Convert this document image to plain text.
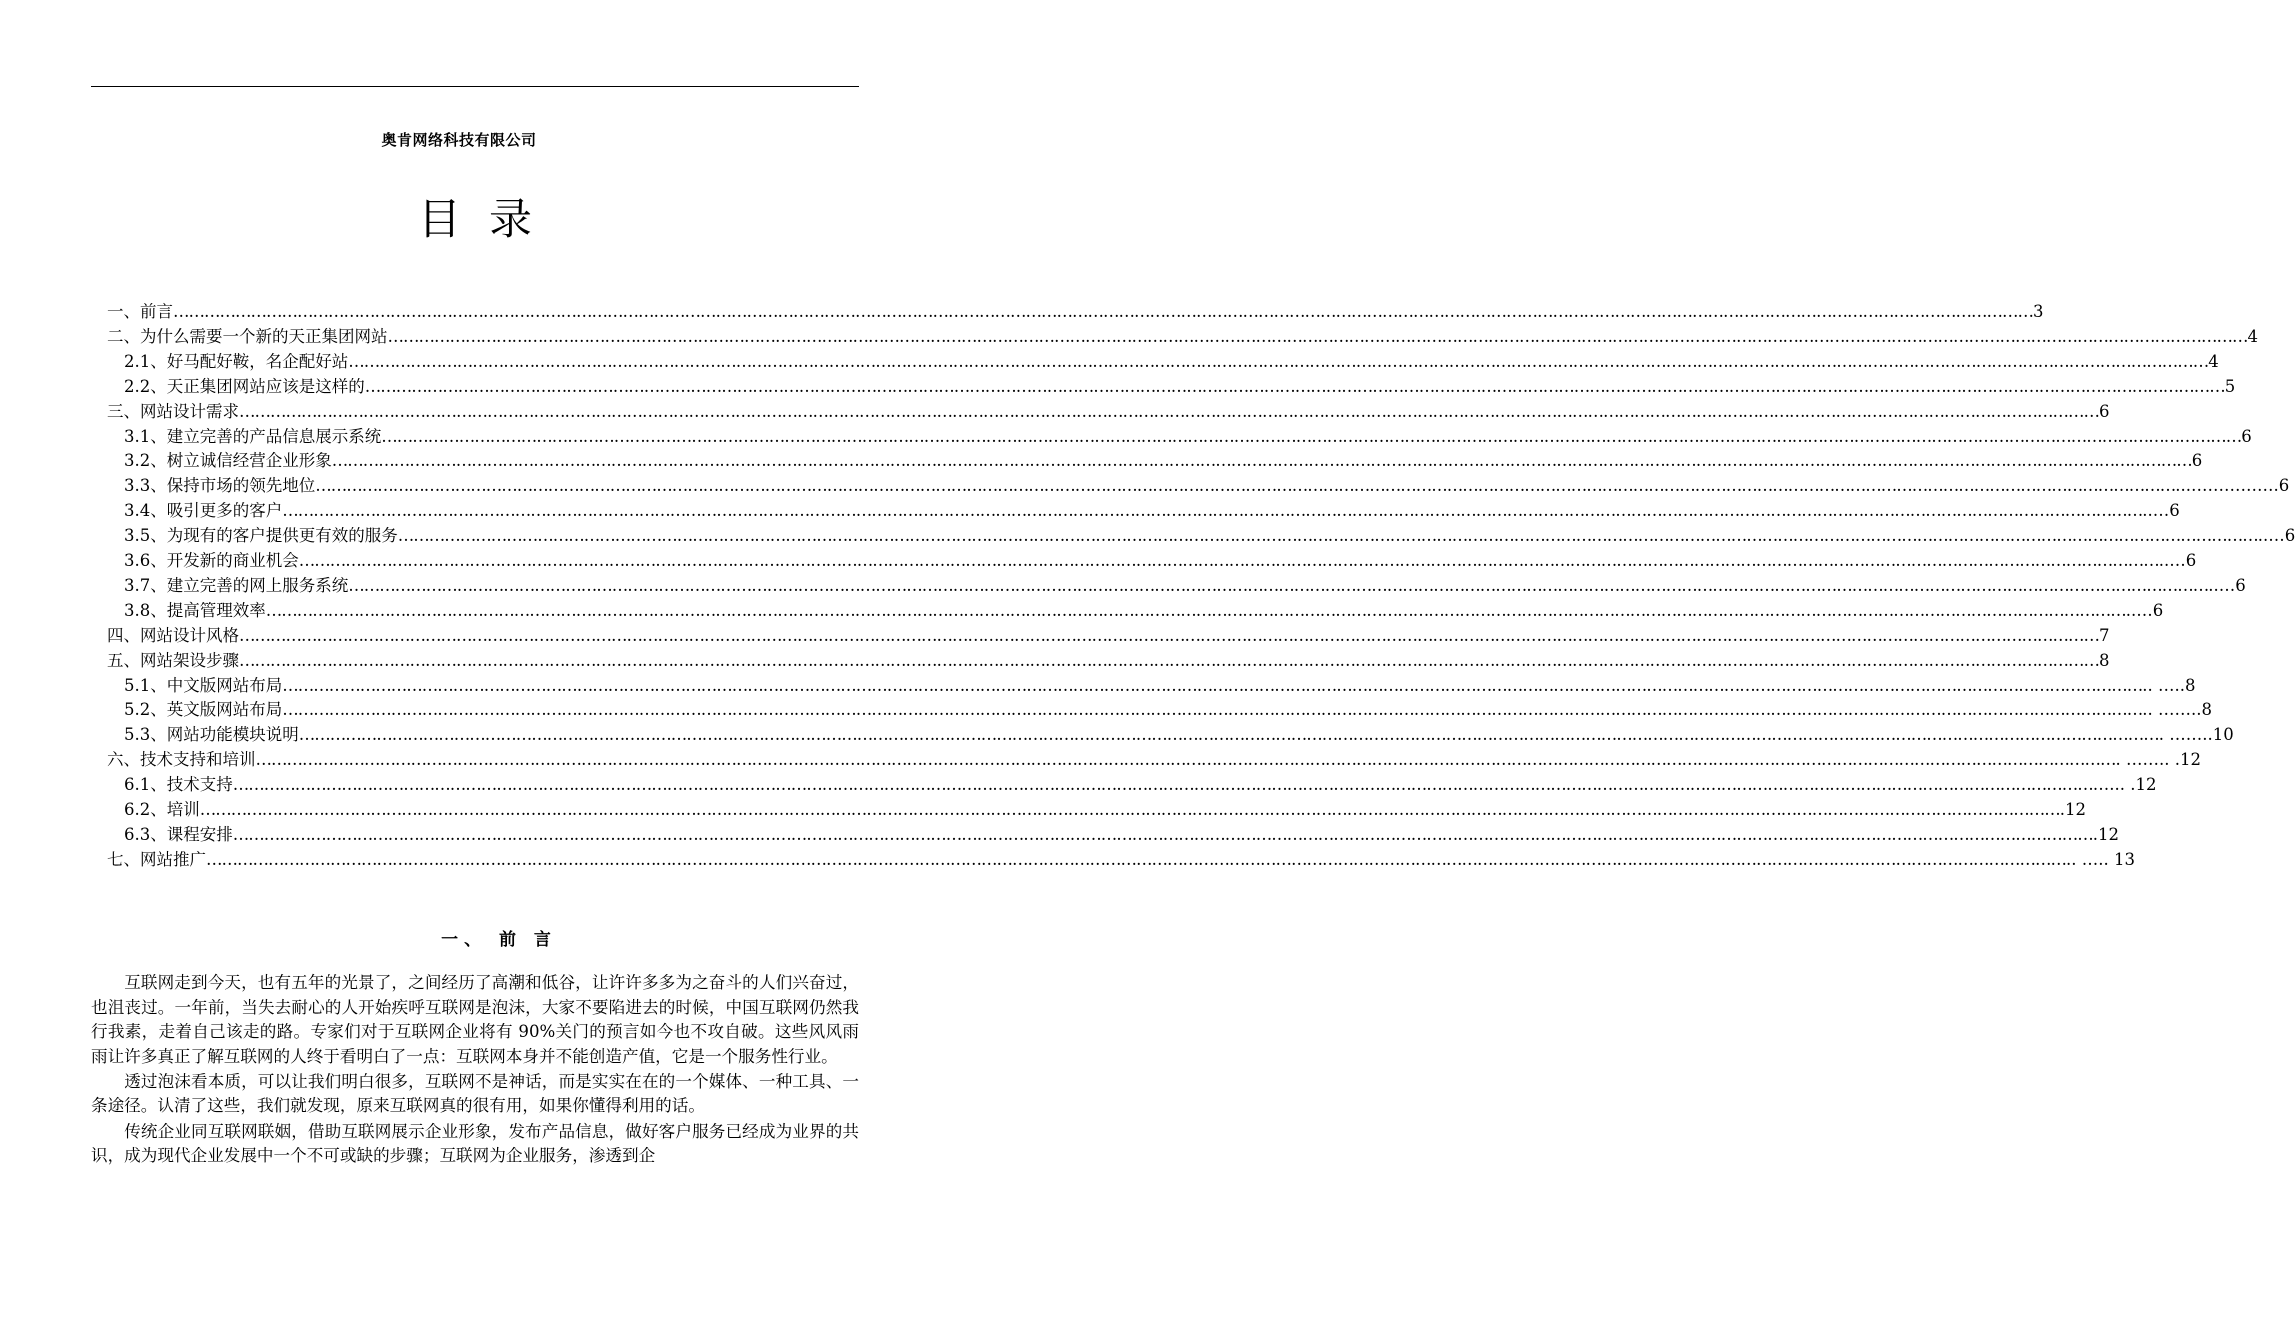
奥肯网络科技有限公司
目录
一、 前言 ……………………………………………………………………………………………………………………………………………………………………………………………………………………………………………………………………………………………………………………………… 3
二、 为什么需要一个新的天正集团网站 ……………………………………………………………………………………………………………………………………………………………………………………………………………………………………………………………………………………………………………………………… 4
2.1、 好马配好鞍，名企配好站 ……………………………………………………………………………………………………………………………………………………………………………………………………………………………………………………………………………………………………………………………… 4
2.2、 天正集团网站应该是这样的 ……………………………………………………………………………………………………………………………………………………………………………………………………………………………………………………………………………………………………………………………… 5
三、 网站设计需求 ……………………………………………………………………………………………………………………………………………………………………………………………………………………………………………………………………………………………………………………………… 6
3.1、 建立完善的产品信息展示系统 ……………………………………………………………………………………………………………………………………………………………………………………………………………………………………………………………………………………………………………………………… 6
3.2、 树立诚信经营企业形象 ……………………………………………………………………………………………………………………………………………………………………………………………………………………………………………………………………………………………………………………………… 6
3.3、 保持市场的领先地位 ……………………………………………………………………………………………………………………………………………………………………………………………………………………………………………………………………………………………………………………………… ...…………….6
3.4、 吸引更多的客户 ……………………………………………………………………………………………………………………………………………………………………………………………………………………………………………………………………………………………………………………………… ..…6
3.5、 为现有的客户提供更有效的服务 ……………………………………………………………………………………………………………………………………………………………………………………………………………………………………………………………………………………………………………………………… ..…6
3.6、 开发新的商业机会 ……………………………………………………………………………………………………………………………………………………………………………………………………………………………………………………………………………………………………………………………… ..…6
3.7、 建立完善的网上服务系统 ……………………………………………………………………………………………………………………………………………………………………………………………………………………………………………………………………………………………………………………………… ..…6
3.8、 提高管理效率 ……………………………………………………………………………………………………………………………………………………………………………………………………………………………………………………………………………………………………………………………… ..…6
四、 网站设计风格 ……………………………………………………………………………………………………………………………………………………………………………………………………………………………………………………………………………………………………………………………… 7
五、 网站架设步骤 ……………………………………………………………………………………………………………………………………………………………………………………………………………………………………………………………………………………………………………………………… 8
5.1、 中文版网站布局 ……………………………………………………………………………………………………………………………………………………………………………………………………………………………………………………………………………………………………………………………… .. …..8
5.2、 英文版网站布局 ……………………………………………………………………………………………………………………………………………………………………………………………………………………………………………………………………………………………………………………………… .. ……..8
5.3、 网站功能模块说明 ……………………………………………………………………………………………………………………………………………………………………………………………………………………………………………………………………………………………………………………………… . ……..10
六、 技术支持和培训 ……………………………………………………………………………………………………………………………………………………………………………………………………………………………………………………………………………………………………………………………… . …….. .12
6.1、 技术支持 ……………………………………………………………………………………………………………………………………………………………………………………………………………………………………………………………………………………………………………………………… …... .12
6.2、 培训 ……………………………………………………………………………………………………………………………………………………………………………………………………………………………………………………………………………………………………………………………… .12
6.3、 课程安排 ……………………………………………………………………………………………………………………………………………………………………………………………………………………………………………………………………………………………………………………………… .12
七、 网站推广 ……………………………………………………………………………………………………………………………………………………………………………………………………………………………………………………………………………………………………………………………… .. ….. 13
一、 前 言

互联网走到今天，也有五年的光景了，之间经历了高潮和低谷，让许许多多为之奋斗的人们兴奋过，也沮丧过。一年前，当失去耐心的人开始疾呼互联网是泡沫，大家不要陷进去的时候，中国互联网仍然我行我素，走着自己该走的路。专家们对于互联网企业将有 90%关门的预言如今也不攻自破。这些风风雨雨让许多真正了解互联网的人终于看明白了一点：互联网本身并不能创造产值，它是一个服务性行业。

透过泡沫看本质，可以让我们明白很多，互联网不是神话，而是实实在在的一个媒体、一种工具、一条途径。认清了这些，我们就发现，原来互联网真的很有用，如果你懂得利用的话。

传统企业同互联网联姻，借助互联网展示企业形象，发布产品信息，做好客户服务已经成为业界的共识，成为现代企业发展中一个不可或缺的步骤；互联网为企业服务，渗透到企
